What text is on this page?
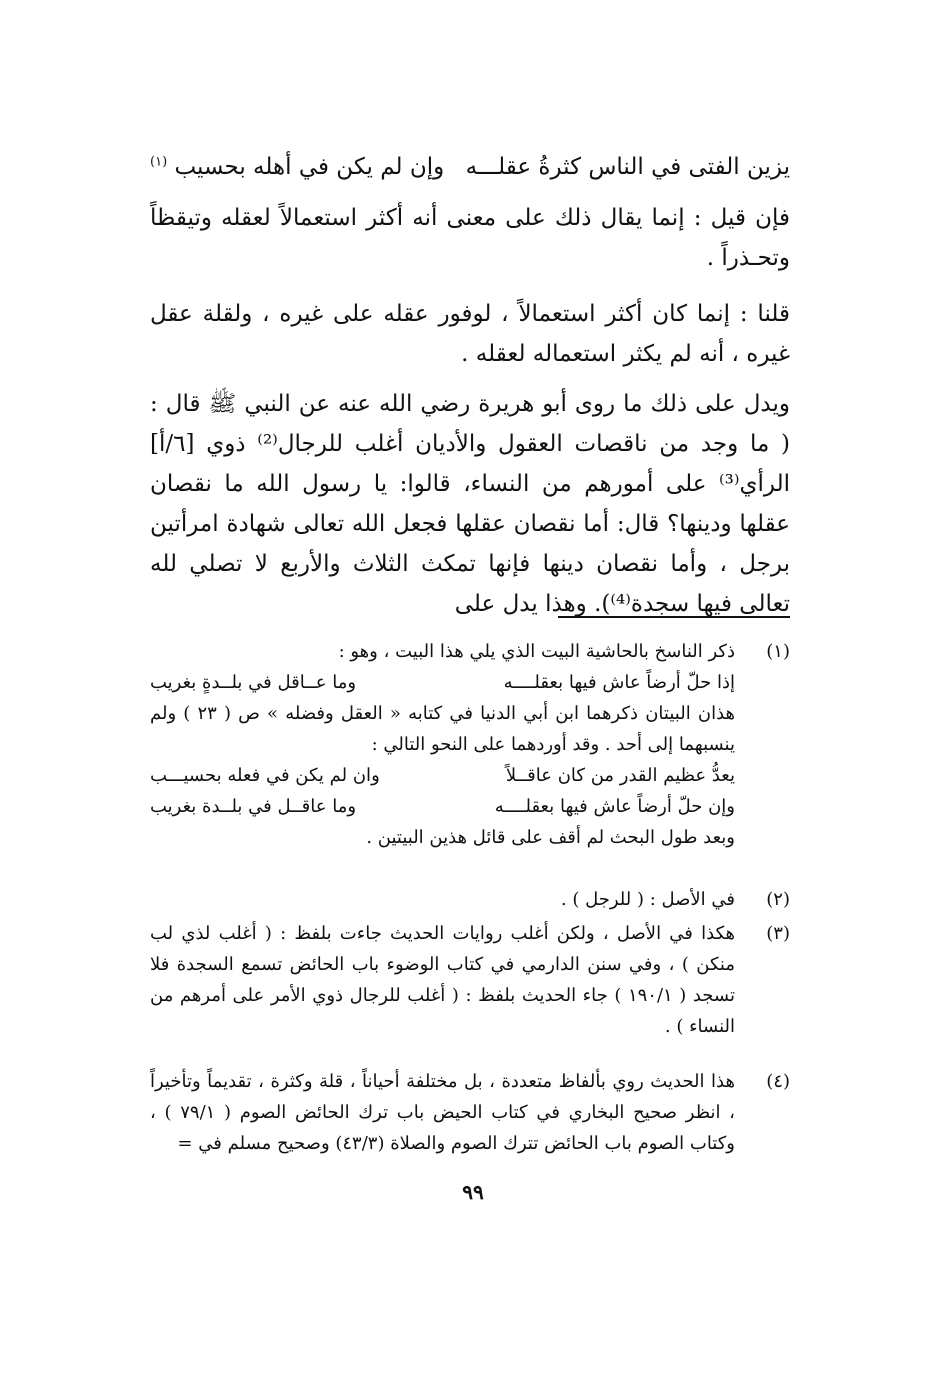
يزين الفتى في الناس كثرةُ عقلـــه
وإن لم يكن في أهله بحسيب $^{(١)}$
فإن قيل : إنما يقال ذلك على معنى أنه أكثر استعمالاً لعقله وتيقظاً وتحـذراً .
قلنا : إنما كان أكثر استعمالاً ، لوفور عقله على غيره ، ولقلة عقل غيره ، أنه لم يكثر استعماله لعقله .
ويدل على ذلك ما روى أبو هريرة رضي الله عنه عن النبي ﷺ قال : ( ما وجد من ناقصات العقول والأديان أغلب للرجال⁽²⁾ ذوي [٦/أ] الرأي⁽³⁾ على أمورهم من النساء، قالوا: يا رسول الله ما نقصان عقلها ودينها؟ قال: أما نقصان عقلها فجعل الله تعالى شهادة امرأتين برجل ، وأما نقصان دينها فإنها تمكث الثلاث والأربع لا تصلي لله تعالى فيها سجدة⁽⁴⁾). وهذا يدل على
(١)
ذكر الناسخ بالحاشية البيت الذي يلي هذا البيت ، وهو :
إذا حلّ أرضاً عاش فيها بعقلــــه
وما عــاقل في بلــدةٍ بغريب
هذان البيتان ذكرهما ابن أبي الدنيا في كتابه « العقل وفضله » ص ( ٢٣ ) ولم ينسبهما إلى أحد . وقد أوردهما على النحو التالي :
يعدُّ عظيم القدر من كان عاقــلاً
وان لم يكن في فعله بحسيـــب
وإن حلّ أرضاً عاش فيها بعقلــــه
وما عاقــل في بلــدة بغريب
وبعد طول البحث لم أقف على قائل هذين البيتين .
(٢)
في الأصل : ( للرجل ) .
(٣)
هكذا في الأصل ، ولكن أغلب روايات الحديث جاءت بلفظ : ( أغلب لذي لب منكن ) ، وفي سنن الدارمي في كتاب الوضوء باب الحائض تسمع السجدة فلا تسجد ( ١٩٠/١ ) جاء الحديث بلفظ : ( أغلب للرجال ذوي الأمر على أمرهم من النساء ) .
(٤)
هذا الحديث روي بألفاظ متعددة ، بل مختلفة أحياناً ، قلة وكثرة ، تقديماً وتأخيراً ، انظر صحيح البخاري في كتاب الحيض باب ترك الحائض الصوم ( ٧٩/١ ) ، وكتاب الصوم باب الحائض تترك الصوم والصلاة (٤٣/٣) وصحيح مسلم في =
٩٩
